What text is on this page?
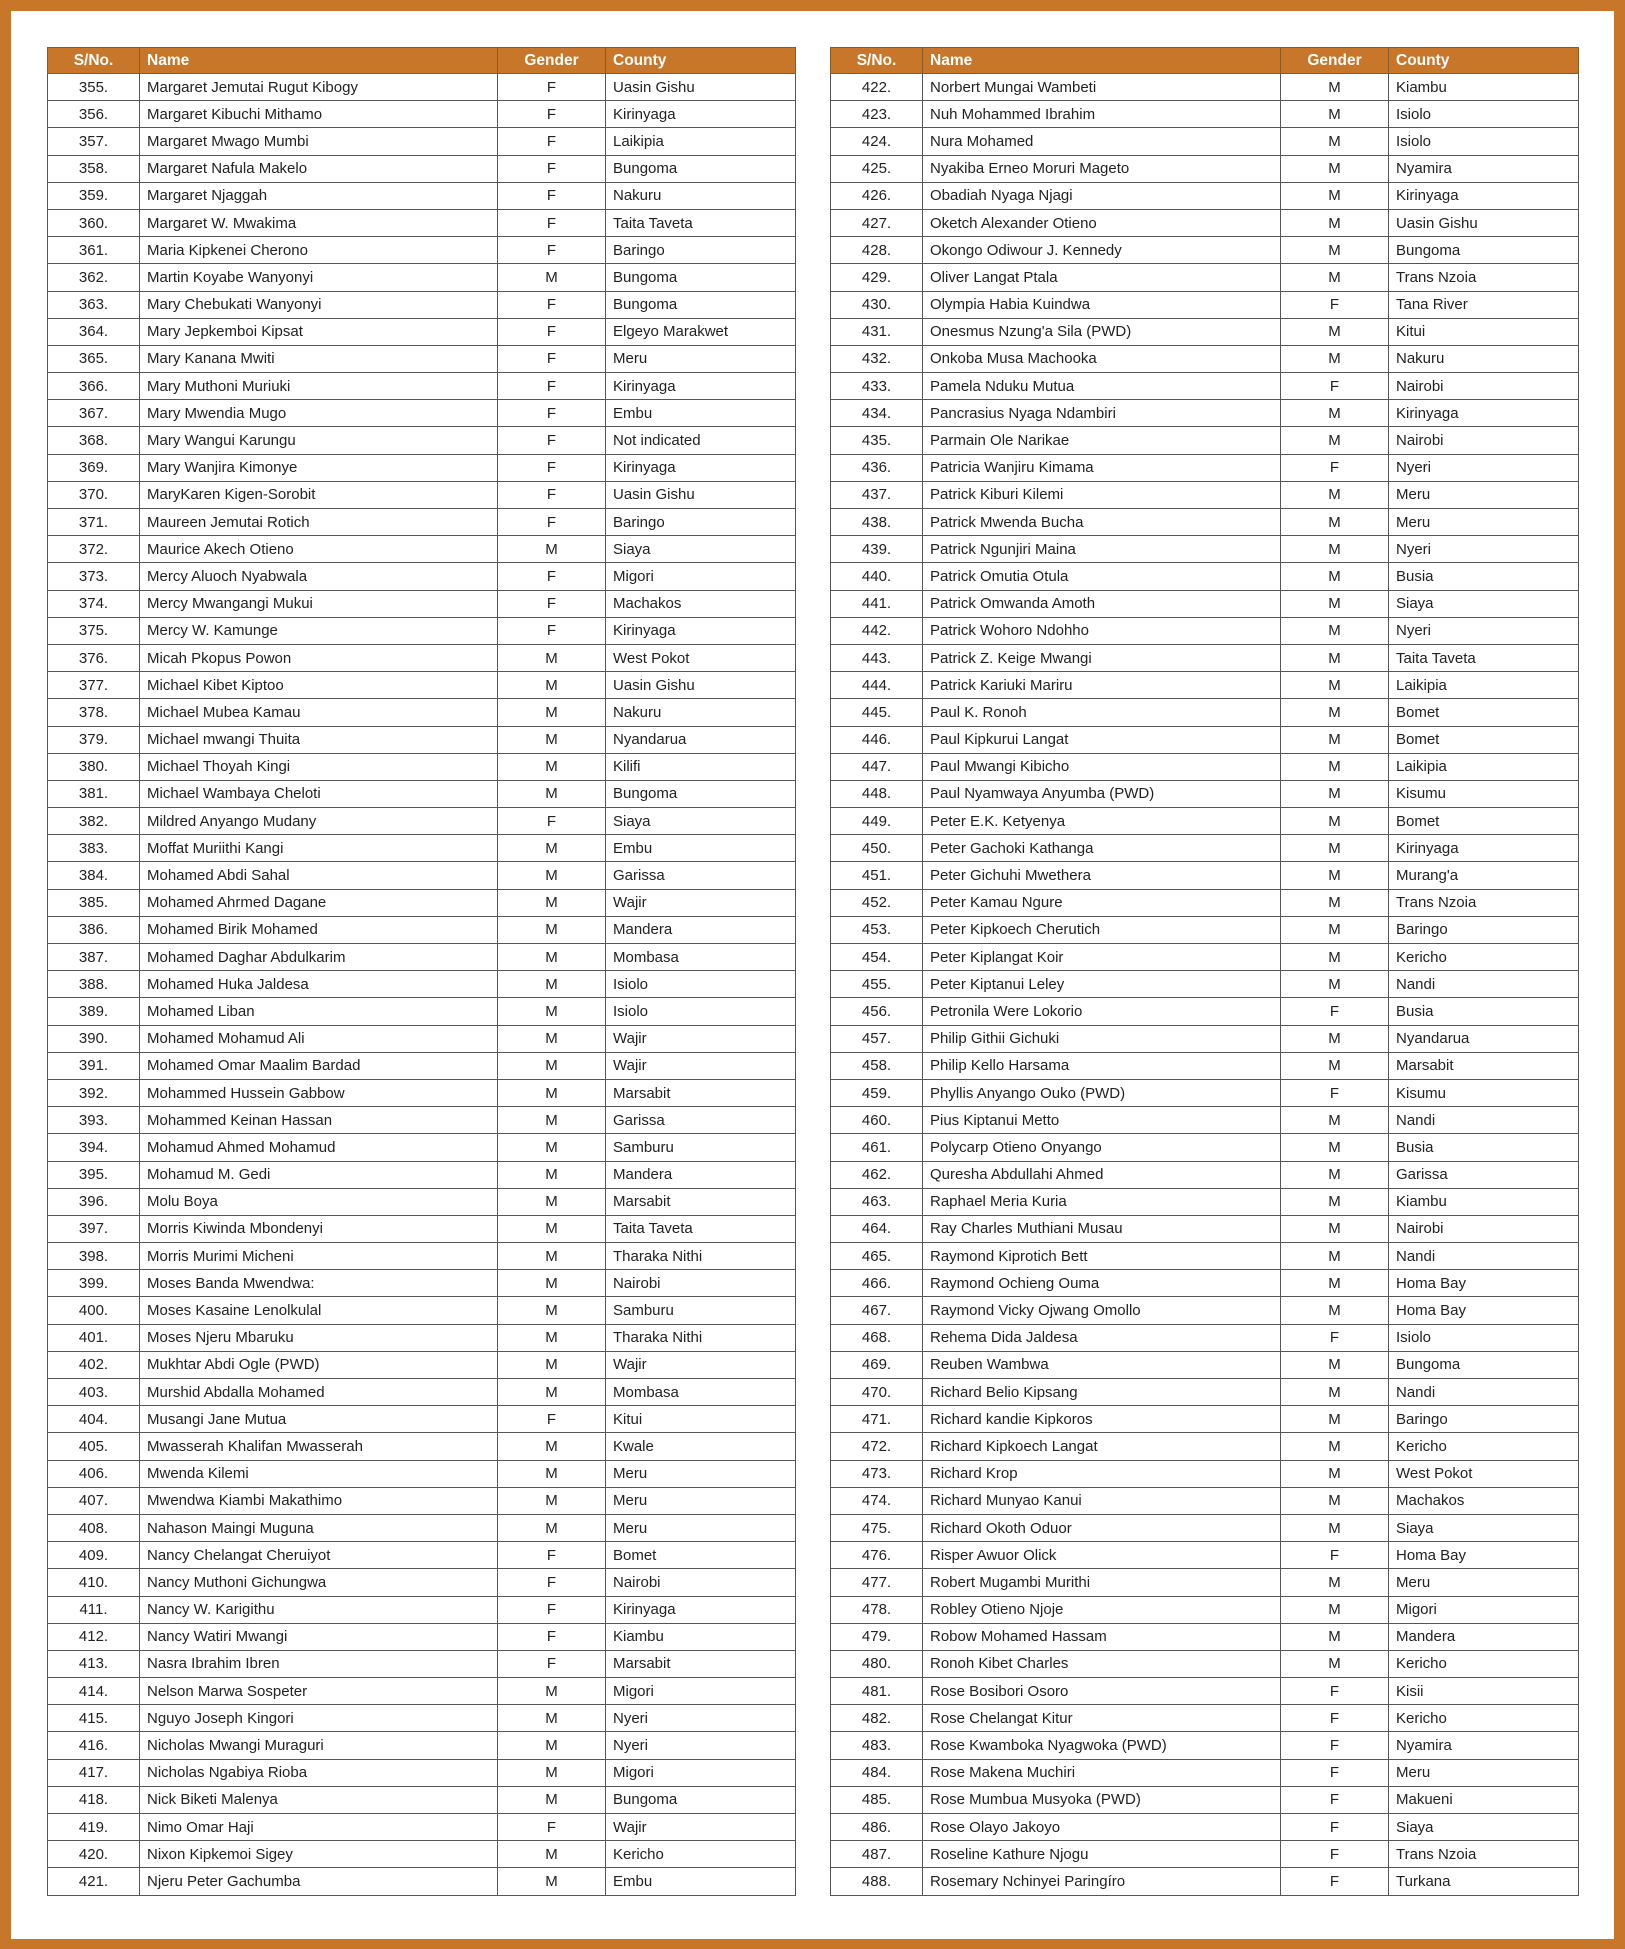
S/No.	Name	Gender	County
355.	Margaret Jemutai Rugut Kibogy	F	Uasin Gishu
356.	Margaret Kibuchi Mithamo	F	Kirinyaga
357.	Margaret Mwago Mumbi	F	Laikipia
358.	Margaret Nafula Makelo	F	Bungoma
359.	Margaret Njaggah	F	Nakuru
360.	Margaret W. Mwakima	F	Taita Taveta
361.	Maria Kipkenei Cherono	F	Baringo
362.	Martin Koyabe Wanyonyi	M	Bungoma
363.	Mary Chebukati Wanyonyi	F	Bungoma
364.	Mary Jepkemboi Kipsat	F	Elgeyo Marakwet
365.	Mary Kanana Mwiti	F	Meru
366.	Mary Muthoni Muriuki	F	Kirinyaga
367.	Mary Mwendia Mugo	F	Embu
368.	Mary Wangui Karungu	F	Not indicated
369.	Mary Wanjira Kimonye	F	Kirinyaga
370.	MaryKaren Kigen-Sorobit	F	Uasin Gishu
371.	Maureen Jemutai Rotich	F	Baringo
372.	Maurice Akech Otieno	M	Siaya
373.	Mercy Aluoch Nyabwala	F	Migori
374.	Mercy Mwangangi Mukui	F	Machakos
375.	Mercy W. Kamunge	F	Kirinyaga
376.	Micah Pkopus Powon	M	West Pokot
377.	Michael Kibet Kiptoo	M	Uasin Gishu
378.	Michael Mubea Kamau	M	Nakuru
379.	Michael mwangi Thuita	M	Nyandarua
380.	Michael Thoyah Kingi	M	Kilifi
381.	Michael Wambaya Cheloti	M	Bungoma
382.	Mildred Anyango Mudany	F	Siaya
383.	Moffat Muriithi Kangi	M	Embu
384.	Mohamed Abdi Sahal	M	Garissa
385.	Mohamed Ahrmed Dagane	M	Wajir
386.	Mohamed Birik Mohamed	M	Mandera
387.	Mohamed Daghar Abdulkarim	M	Mombasa
388.	Mohamed Huka Jaldesa	M	Isiolo
389.	Mohamed Liban	M	Isiolo
390.	Mohamed Mohamud Ali	M	Wajir
391.	Mohamed Omar Maalim Bardad	M	Wajir
392.	Mohammed Hussein Gabbow	M	Marsabit
393.	Mohammed Keinan Hassan	M	Garissa
394.	Mohamud Ahmed Mohamud	M	Samburu
395.	Mohamud M. Gedi	M	Mandera
396.	Molu Boya	M	Marsabit
397.	Morris Kiwinda Mbondenyi	M	Taita Taveta
398.	Morris Murimi Micheni	M	Tharaka Nithi
399.	Moses Banda Mwendwa:	M	Nairobi
400.	Moses Kasaine Lenolkulal	M	Samburu
401.	Moses Njeru Mbaruku	M	Tharaka Nithi
402.	Mukhtar Abdi Ogle (PWD)	M	Wajir
403.	Murshid Abdalla Mohamed	M	Mombasa
404.	Musangi Jane Mutua	F	Kitui
405.	Mwasserah Khalifan Mwasserah	M	Kwale
406.	Mwenda Kilemi	M	Meru
407.	Mwendwa Kiambi Makathimo	M	Meru
408.	Nahason Maingi Muguna	M	Meru
409.	Nancy Chelangat Cheruiyot	F	Bomet
410.	Nancy Muthoni Gichungwa	F	Nairobi
411.	Nancy W. Karigithu	F	Kirinyaga
412.	Nancy Watiri Mwangi	F	Kiambu
413.	Nasra Ibrahim Ibren	F	Marsabit
414.	Nelson Marwa Sospeter	M	Migori
415.	Nguyo Joseph Kingori	M	Nyeri
416.	Nicholas Mwangi Muraguri	M	Nyeri
417.	Nicholas Ngabiya Rioba	M	Migori
418.	Nick Biketi Malenya	M	Bungoma
419.	Nimo Omar Haji	F	Wajir
420.	Nixon Kipkemoi Sigey	M	Kericho
421.	Njeru Peter Gachumba	M	Embu
S/No.	Name	Gender	County
422.	Norbert Mungai Wambeti	M	Kiambu
423.	Nuh Mohammed Ibrahim	M	Isiolo
424.	Nura Mohamed	M	Isiolo
425.	Nyakiba Erneo Moruri Mageto	M	Nyamira
426.	Obadiah Nyaga Njagi	M	Kirinyaga
427.	Oketch Alexander Otieno	M	Uasin Gishu
428.	Okongo Odiwour J. Kennedy	M	Bungoma
429.	Oliver Langat Ptala	M	Trans Nzoia
430.	Olympia Habia Kuindwa	F	Tana River
431.	Onesmus Nzung'a Sila (PWD)	M	Kitui
432.	Onkoba Musa Machooka	M	Nakuru
433.	Pamela Nduku Mutua	F	Nairobi
434.	Pancrasius Nyaga Ndambiri	M	Kirinyaga
435.	Parmain Ole Narikae	M	Nairobi
436.	Patricia Wanjiru Kimama	F	Nyeri
437.	Patrick Kiburi Kilemi	M	Meru
438.	Patrick Mwenda Bucha	M	Meru
439.	Patrick Ngunjiri Maina	M	Nyeri
440.	Patrick Omutia Otula	M	Busia
441.	Patrick Omwanda Amoth	M	Siaya
442.	Patrick Wohoro Ndohho	M	Nyeri
443.	Patrick Z. Keige Mwangi	M	Taita Taveta
444.	Patrick Kariuki Mariru	M	Laikipia
445.	Paul K. Ronoh	M	Bomet
446.	Paul Kipkurui Langat	M	Bomet
447.	Paul Mwangi Kibicho	M	Laikipia
448.	Paul Nyamwaya Anyumba (PWD)	M	Kisumu
449.	Peter E.K. Ketyenya	M	Bomet
450.	Peter Gachoki Kathanga	M	Kirinyaga
451.	Peter Gichuhi Mwethera	M	Murang'a
452.	Peter Kamau Ngure	M	Trans Nzoia
453.	Peter Kipkoech Cherutich	M	Baringo
454.	Peter Kiplangat Koir	M	Kericho
455.	Peter Kiptanui Leley	M	Nandi
456.	Petronila Were Lokorio	F	Busia
457.	Philip Githii Gichuki	M	Nyandarua
458.	Philip Kello Harsama	M	Marsabit
459.	Phyllis Anyango Ouko (PWD)	F	Kisumu
460.	Pius Kiptanui Metto	M	Nandi
461.	Polycarp Otieno Onyango	M	Busia
462.	Quresha Abdullahi Ahmed	M	Garissa
463.	Raphael Meria Kuria	M	Kiambu
464.	Ray Charles Muthiani Musau	M	Nairobi
465.	Raymond Kiprotich Bett	M	Nandi
466.	Raymond Ochieng Ouma	M	Homa Bay
467.	Raymond Vicky Ojwang Omollo	M	Homa Bay
468.	Rehema Dida Jaldesa	F	Isiolo
469.	Reuben Wambwa	M	Bungoma
470.	Richard Belio Kipsang	M	Nandi
471.	Richard kandie Kipkoros	M	Baringo
472.	Richard Kipkoech Langat	M	Kericho
473.	Richard Krop	M	West Pokot
474.	Richard Munyao Kanui	M	Machakos
475.	Richard Okoth Oduor	M	Siaya
476.	Risper Awuor Olick	F	Homa Bay
477.	Robert Mugambi Murithi	M	Meru
478.	Robley Otieno Njoje	M	Migori
479.	Robow Mohamed Hassam	M	Mandera
480.	Ronoh Kibet Charles	M	Kericho
481.	Rose Bosibori Osoro	F	Kisii
482.	Rose Chelangat Kitur	F	Kericho
483.	Rose Kwamboka Nyagwoka (PWD)	F	Nyamira
484.	Rose Makena Muchiri	F	Meru
485.	Rose Mumbua Musyoka (PWD)	F	Makueni
486.	Rose Olayo Jakoyo	F	Siaya
487.	Roseline Kathure Njogu	F	Trans Nzoia
488.	Rosemary Nchinyei Paringíro	F	Turkana
